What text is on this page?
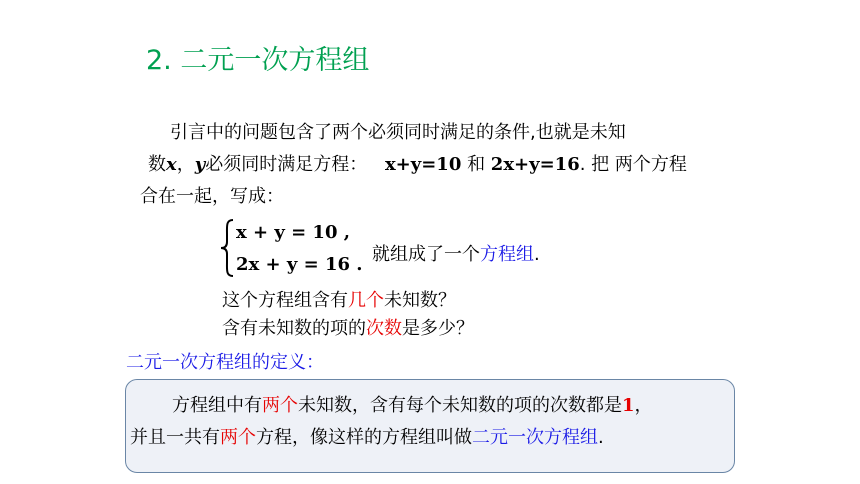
2. 二元一次方程组
引言中的问题包含了两个必须同时满足的条件,也就是未知
数x，y必须同时满足方程： x+y=10 和 2x+y=16. 把 两个方程
合在一起，写成：
x + y = 10 ,
2x + y = 16 . 就组成了一个方程组.
这个方程组含有几个未知数？
含有未知数的项的次数是多少？
二元一次方程组的定义：
方程组中有两个未知数，含有每个未知数的项的次数都是1，
并且一共有两个方程，像这样的方程组叫做二元一次方程组.
